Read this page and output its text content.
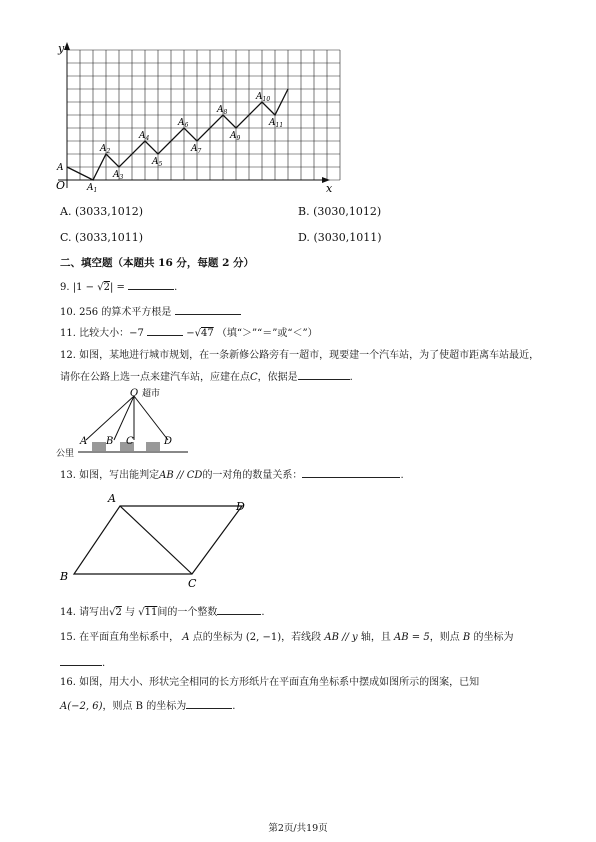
x
y
O
A
$A_1$
$A_2$
$A_3$
$A_4$
$A_5$
$A_6$
$A_7$
$A_8$
$A_9$
$A_{10}$
$A_{11}$
A. (3033,1012)	B. (3030,1012)
C. (3033,1011)	D. (3030,1011)
二、填空题（本题共 16 分，每题 2 分）
9. |1 − √2| =	.
10. 256 的算术平方根是
11. 比较大小：−7	−√47 （填“＞”“＝”或“＜”）
12. 如图，某地进行城市规划，在一条新修公路旁有一超市，现要建一个汽车站，为了使超市距离车站最近，
请你在公路上选一点来建汽车站，应建在点C，依据是	.
O 超市
A B C	D
公里
13. 如图，写出能判定AB // CD的一对角的数量关系：	.
A
D
B
C
14. 请写出√2 与 √11间的一个整数	.
15. 在平面直角坐标系中， A 点的坐标为 (2, −1)，若线段 AB // y 轴，且 AB = 5，则点 B 的坐标为
.
16. 如图，用大小、形状完全相同的长方形纸片在平面直角坐标系中摆成如图所示的图案，已知
A(−2, 6)，则点 B 的坐标为	.
第2页/共19页
